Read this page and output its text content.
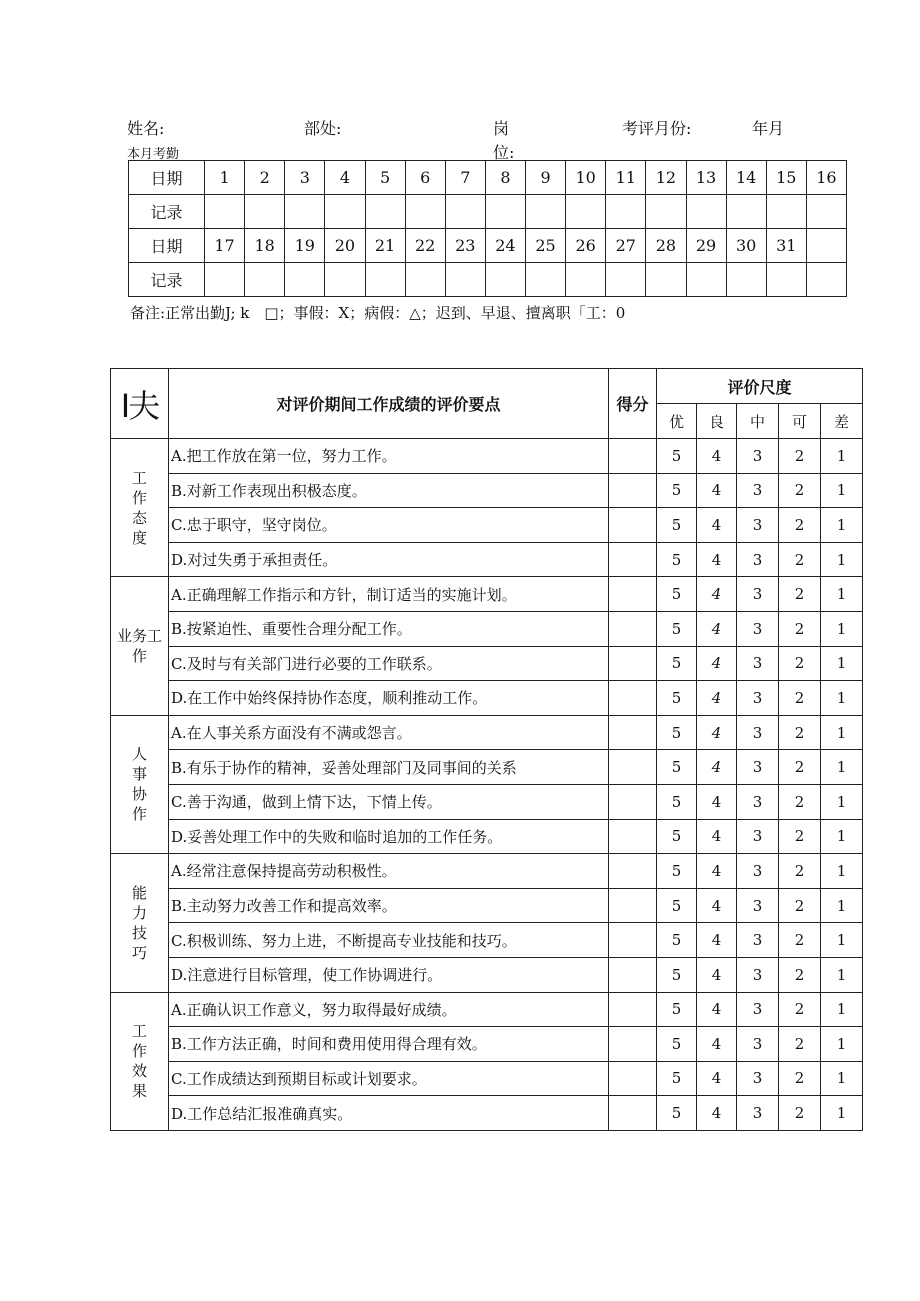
姓名:	部处:	岗
位:
考评月份:	年月
本月考勤
日期	1	2	3	4	5	6	7	8	9	10	11	12	13	14	15	16
记录																
日期	17	18	19	20	21	22	23	24	25	26	27	28	29	30	31	
记录																
备注:正常出勤J; k　□；事假：X；病假：△；迟到、早退、擅离职「工：0
I夫	对评价期间工作成绩的评价要点	得分	评价尺度				
			优	良	中	可	差
工作态度	A.把工作放在第一位，努力工作。		5	4	3	2	1
	B.对新工作表现出积极态度。		5	4	3	2	1
	C.忠于职守，坚守岗位。		5	4	3	2	1
	D.对过失勇于承担责任。		5	4	3	2	1
业务工作	A.正确理解工作指示和方针，制订适当的实施计划。		5	4	3	2	1
	B.按紧迫性、重要性合理分配工作。		5	4	3	2	1
	C.及时与有关部门进行必要的工作联系。		5	4	3	2	1
	D.在工作中始终保持协作态度，顺利推动工作。		5	4	3	2	1
人事协作	A.在人事关系方面没有不满或怨言。		5	4	3	2	1
	B.有乐于协作的精神，妥善处理部门及同事间的关系		5	4	3	2	1
	C.善于沟通，做到上情下达，下情上传。		5	4	3	2	1
	D.妥善处理工作中的失败和临时追加的工作任务。		5	4	3	2	1
能力技巧	A.经常注意保持提高劳动积极性。		5	4	3	2	1
	B.主动努力改善工作和提高效率。		5	4	3	2	1
	C.积极训练、努力上进，不断提高专业技能和技巧。		5	4	3	2	1
	D.注意进行目标管理，使工作协调进行。		5	4	3	2	1
工作效果	A.正确认识工作意义，努力取得最好成绩。		5	4	3	2	1
	B.工作方法正确，时间和费用使用得合理有效。		5	4	3	2	1
	C.工作成绩达到预期目标或计划要求。		5	4	3	2	1
	D.工作总结汇报准确真实。		5	4	3	2	1
